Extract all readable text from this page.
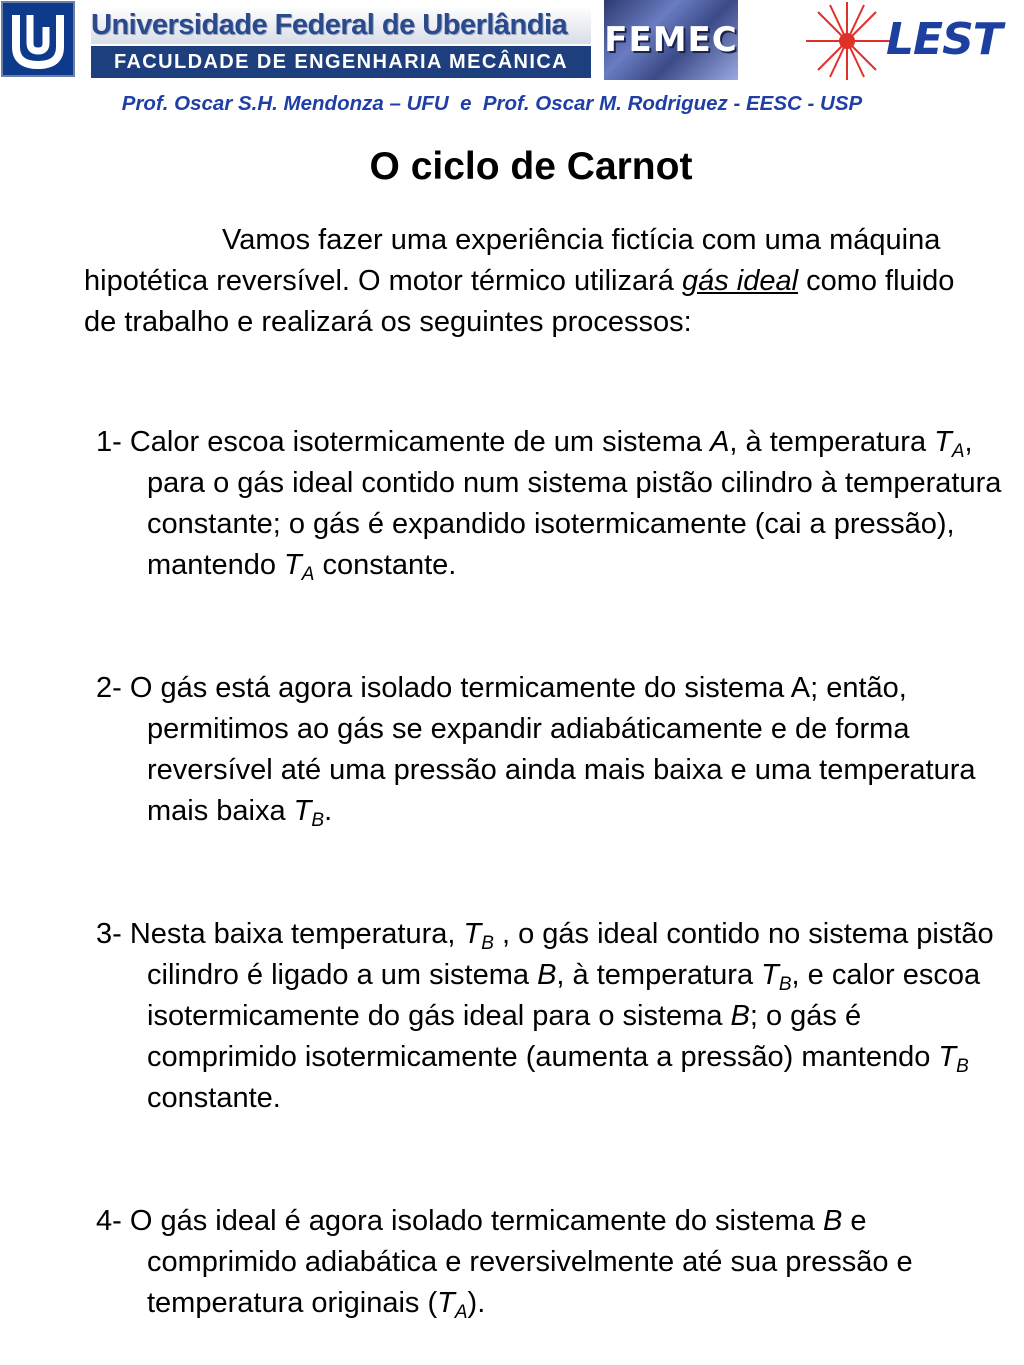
Universidade Federal de Uberlândia
FACULDADE DE ENGENHARIA MECÂNICA
FEMEC	LEST
Prof. Oscar S.H. Mendonza – UFU  e  Prof. Oscar M. Rodriguez - EESC - USP
O ciclo de Carnot

Vamos fazer uma experiência fictícia com uma máquina hipotética reversível. O motor térmico utilizará gás ideal como fluido de trabalho e realizará os seguintes processos:

1- Calor escoa isotermicamente de um sistema A, à temperatura $T_A$, para o gás ideal contido num sistema pistão cilindro à temperatura constante; o gás é expandido isotermicamente (cai a pressão), mantendo $T_A$ constante.

2- O gás está agora isolado termicamente do sistema A; então, permitimos ao gás se expandir adiabáticamente e de forma reversível até uma pressão ainda mais baixa e uma temperatura mais baixa $T_B$.

3- Nesta baixa temperatura, $T_B$ , o gás ideal contido no sistema pistão cilindro é ligado a um sistema B, à temperatura $T_B$, e calor escoa isotermicamente do gás ideal para o sistema B; o gás é comprimido isotermicamente (aumenta a pressão) mantendo $T_B$ constante.

4- O gás ideal é agora isolado termicamente do sistema B e comprimido adiabática e reversivelmente até sua pressão e temperatura originais $(T_A)$.
